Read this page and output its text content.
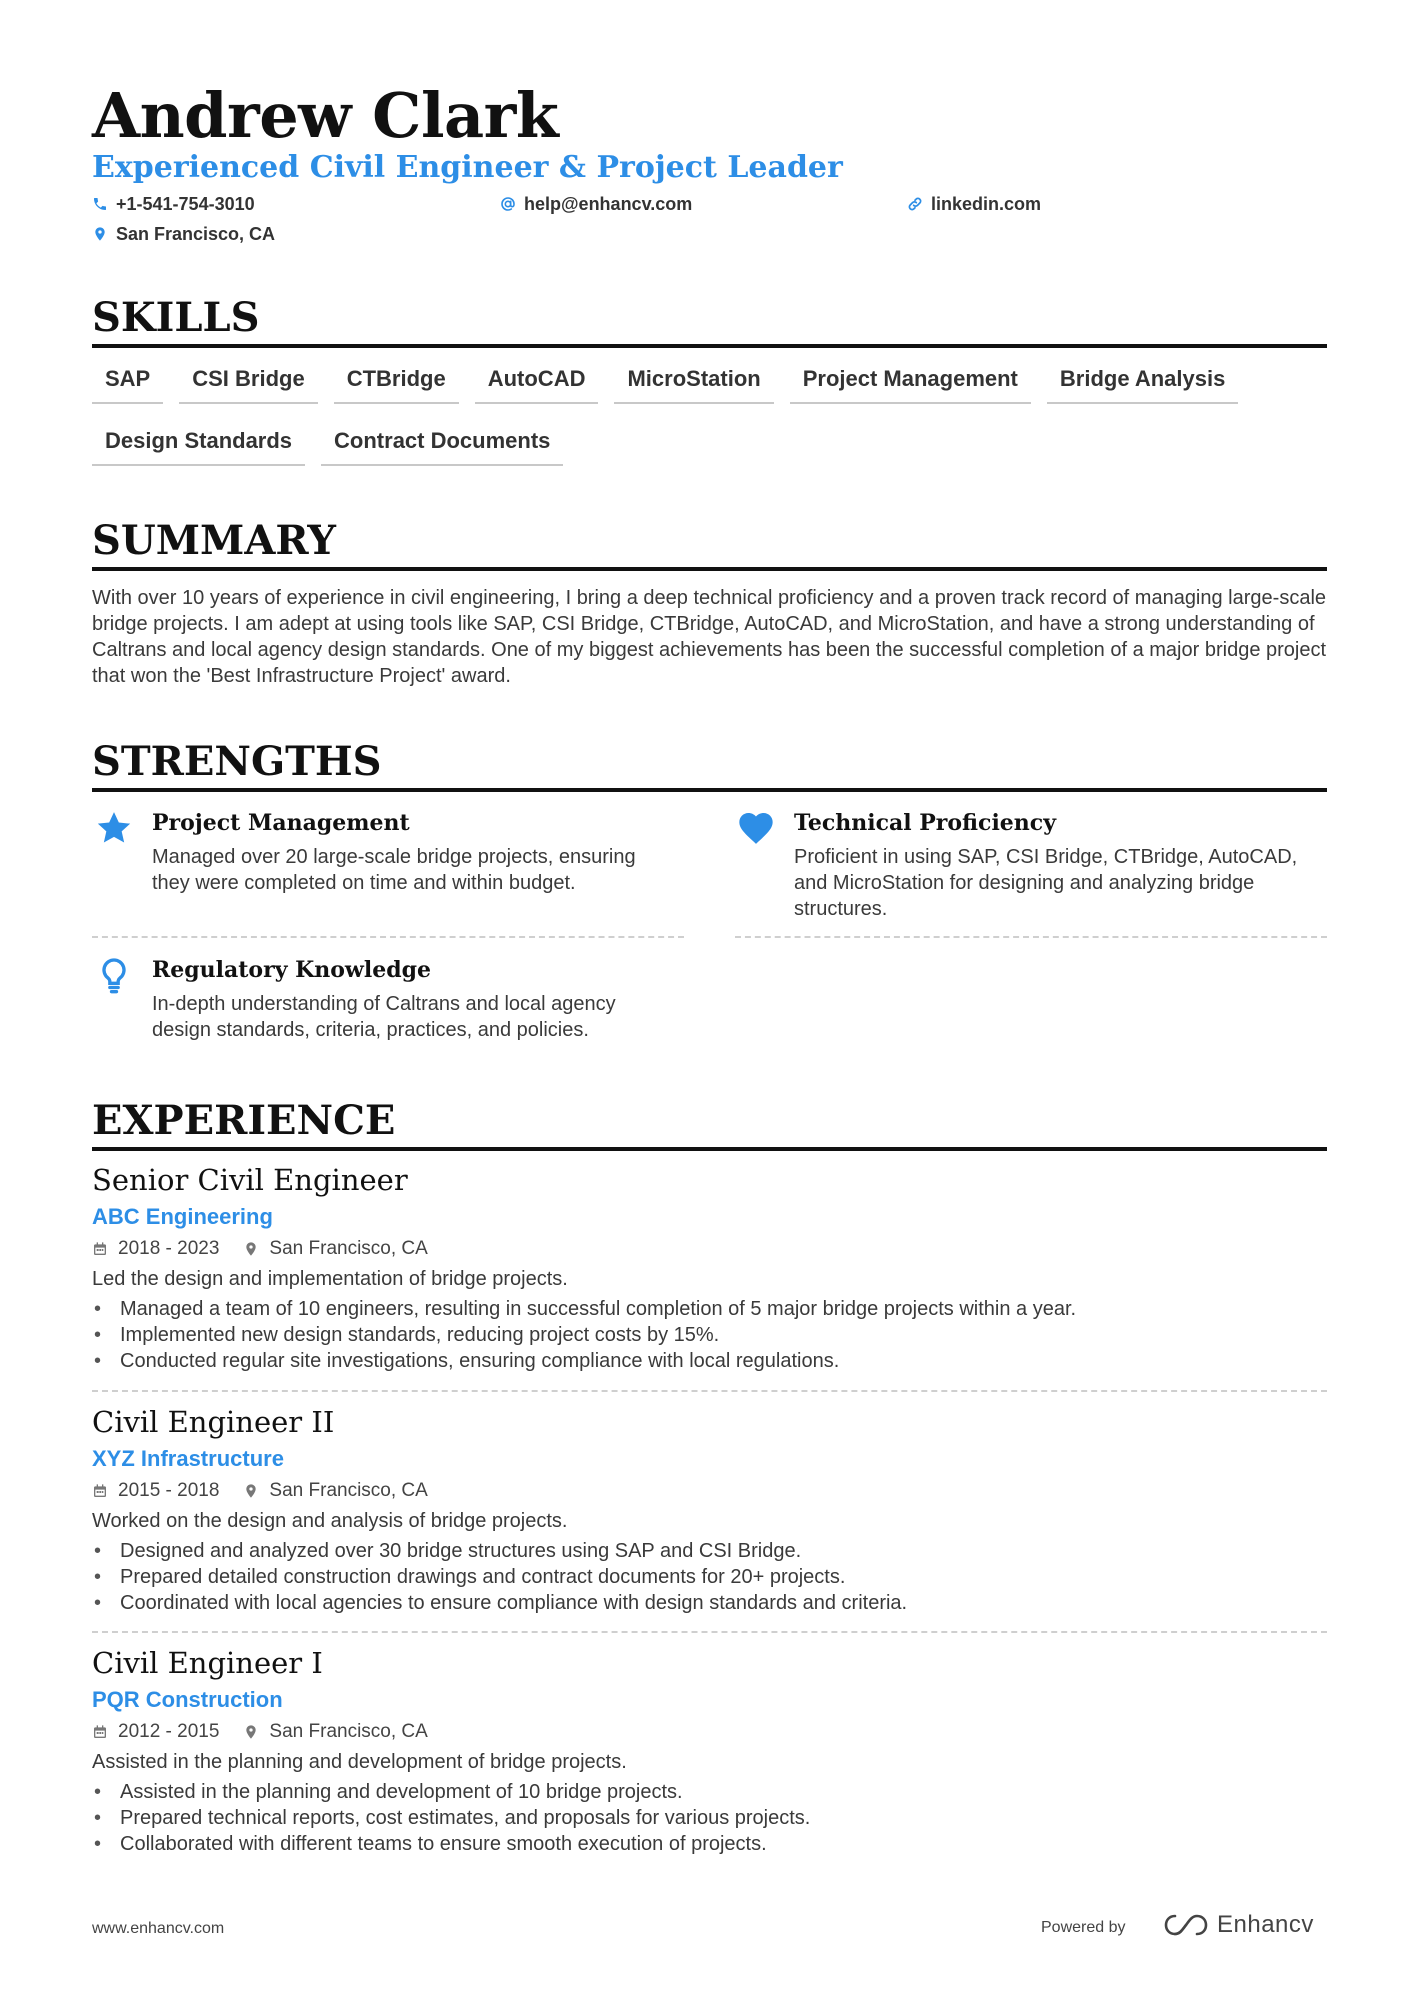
Andrew Clark
Experienced Civil Engineer & Project Leader
+1-541-754-3010	help@enhancv.com	linkedin.com
San Francisco, CA
SKILLS
SAP	CSI Bridge	CTBridge	AutoCAD	MicroStation	Project Management	Bridge Analysis
Design Standards	Contract Documents
SUMMARY
With over 10 years of experience in civil engineering, I bring a deep technical proficiency and a proven track record of managing large-scale bridge projects. I am adept at using tools like SAP, CSI Bridge, CTBridge, AutoCAD, and MicroStation, and have a strong understanding of Caltrans and local agency design standards. One of my biggest achievements has been the successful completion of a major bridge project that won the 'Best Infrastructure Project' award.
STRENGTHS
Project Management
Managed over 20 large-scale bridge projects, ensuring they were completed on time and within budget.
Technical Proficiency
Proficient in using SAP, CSI Bridge, CTBridge, AutoCAD, and MicroStation for designing and analyzing bridge structures.
Regulatory Knowledge
In-depth understanding of Caltrans and local agency design standards, criteria, practices, and policies.
EXPERIENCE
Senior Civil Engineer
ABC Engineering
2018 - 2023	San Francisco, CA
Led the design and implementation of bridge projects.
• Managed a team of 10 engineers, resulting in successful completion of 5 major bridge projects within a year.
• Implemented new design standards, reducing project costs by 15%.
• Conducted regular site investigations, ensuring compliance with local regulations.
Civil Engineer II
XYZ Infrastructure
2015 - 2018	San Francisco, CA
Worked on the design and analysis of bridge projects.
• Designed and analyzed over 30 bridge structures using SAP and CSI Bridge.
• Prepared detailed construction drawings and contract documents for 20+ projects.
• Coordinated with local agencies to ensure compliance with design standards and criteria.
Civil Engineer I
PQR Construction
2012 - 2015	San Francisco, CA
Assisted in the planning and development of bridge projects.
• Assisted in the planning and development of 10 bridge projects.
• Prepared technical reports, cost estimates, and proposals for various projects.
• Collaborated with different teams to ensure smooth execution of projects.
www.enhancv.com	Powered by	Enhancv
